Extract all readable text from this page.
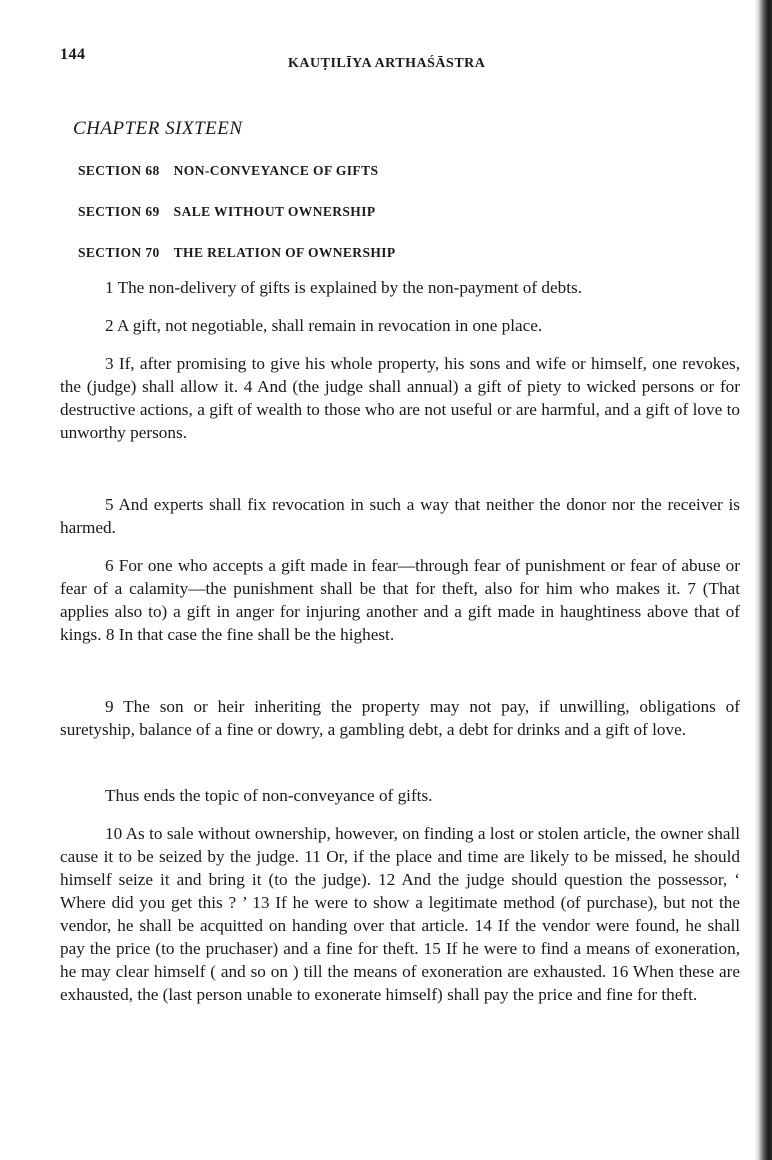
144
KAUṬILĪYA ARTHAŚĀSTRA
CHAPTER SIXTEEN
SECTION 68 NON-CONVEYANCE OF GIFTS
SECTION 69 SALE WITHOUT OWNERSHIP
SECTION 70 THE RELATION OF OWNERSHIP

1 The non-delivery of gifts is explained by the non-payment of debts.

2 A gift, not negotiable, shall remain in revocation in one place.

3 If, after promising to give his whole property, his sons and wife or himself, one revokes, the (judge) shall allow it. 4 And (the judge shall annual) a gift of piety to wicked persons or for destructive actions, a gift of wealth to those who are not useful or are harmful, and a gift of love to unworthy persons.

5 And experts shall fix revocation in such a way that neither the donor nor the receiver is harmed.

6 For one who accepts a gift made in fear—through fear of punishment or fear of abuse or fear of a calamity—the punishment shall be that for theft, also for him who makes it. 7 (That applies also to) a gift in anger for injuring another and a gift made in haughtiness above that of kings. 8 In that case the fine shall be the highest.

9 The son or heir inheriting the property may not pay, if unwilling, obligations of suretyship, balance of a fine or dowry, a gambling debt, a debt for drinks and a gift of love.

Thus ends the topic of non-conveyance of gifts.

10 As to sale without ownership, however, on finding a lost or stolen article, the owner shall cause it to be seized by the judge. 11 Or, if the place and time are likely to be missed, he should himself seize it and bring it (to the judge). 12 And the judge should question the possessor, ‘ Where did you get this ? ’ 13 If he were to show a legitimate method (of purchase), but not the vendor, he shall be acquitted on handing over that article. 14 If the vendor were found, he shall pay the price (to the pruchaser) and a fine for theft. 15 If he were to find a means of exoneration, he may clear himself ( and so on ) till the means of exoneration are exhausted. 16 When these are exhausted, the (last person unable to exonerate himself) shall pay the price and fine for theft.
